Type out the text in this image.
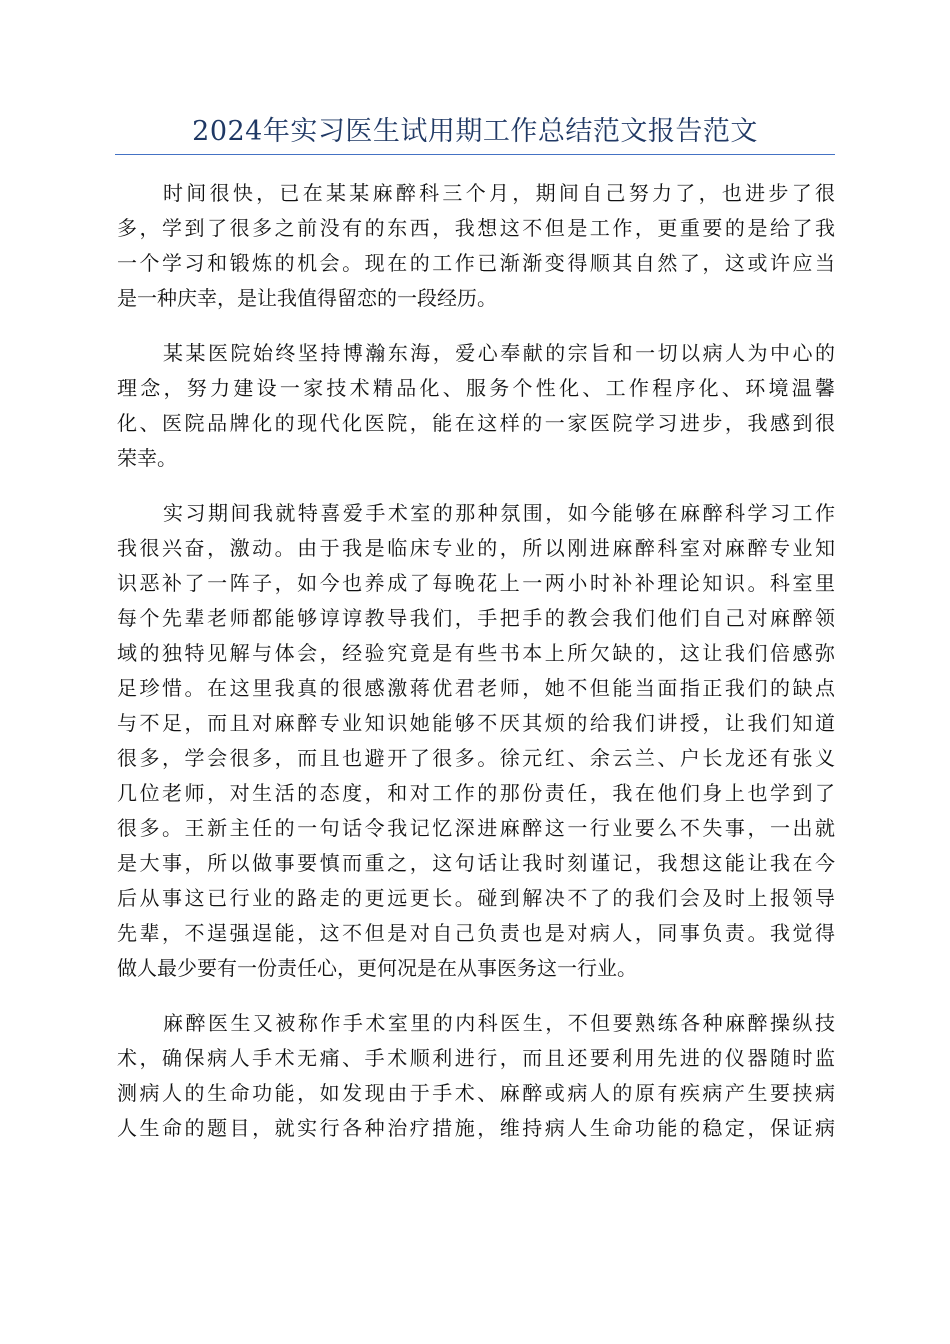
2024年实习医生试用期工作总结范文报告范文
时间很快，已在某某麻醉科三个月，期间自己努力了，也进步了很
多，学到了很多之前没有的东西，我想这不但是工作，更重要的是给了我
一个学习和锻炼的机会。现在的工作已渐渐变得顺其自然了，这或许应当
是一种庆幸，是让我值得留恋的一段经历。
某某医院始终坚持博瀚东海，爱心奉献的宗旨和一切以病人为中心的
理念，努力建设一家技术精品化、服务个性化、工作程序化、环境温馨
化、医院品牌化的现代化医院，能在这样的一家医院学习进步，我感到很
荣幸。
实习期间我就特喜爱手术室的那种氛围，如今能够在麻醉科学习工作
我很兴奋，激动。由于我是临床专业的，所以刚进麻醉科室对麻醉专业知
识恶补了一阵子，如今也养成了每晚花上一两小时补补理论知识。科室里
每个先辈老师都能够谆谆教导我们，手把手的教会我们他们自己对麻醉领
域的独特见解与体会，经验究竟是有些书本上所欠缺的，这让我们倍感弥
足珍惜。在这里我真的很感激蒋优君老师，她不但能当面指正我们的缺点
与不足，而且对麻醉专业知识她能够不厌其烦的给我们讲授，让我们知道
很多，学会很多，而且也避开了很多。徐元红、余云兰、户长龙还有张义
几位老师，对生活的态度，和对工作的那份责任，我在他们身上也学到了
很多。王新主任的一句话令我记忆深进麻醉这一行业要么不失事，一出就
是大事，所以做事要慎而重之，这句话让我时刻谨记，我想这能让我在今
后从事这已行业的路走的更远更长。碰到解决不了的我们会及时上报领导
先辈，不逞强逞能，这不但是对自己负责也是对病人，同事负责。我觉得
做人最少要有一份责任心，更何况是在从事医务这一行业。
麻醉医生又被称作手术室里的内科医生，不但要熟练各种麻醉操纵技
术，确保病人手术无痛、手术顺利进行，而且还要利用先进的仪器随时监
测病人的生命功能，如发现由于手术、麻醉或病人的原有疾病产生要挟病
人生命的题目，就实行各种治疗措施，维持病人生命功能的稳定，保证病
